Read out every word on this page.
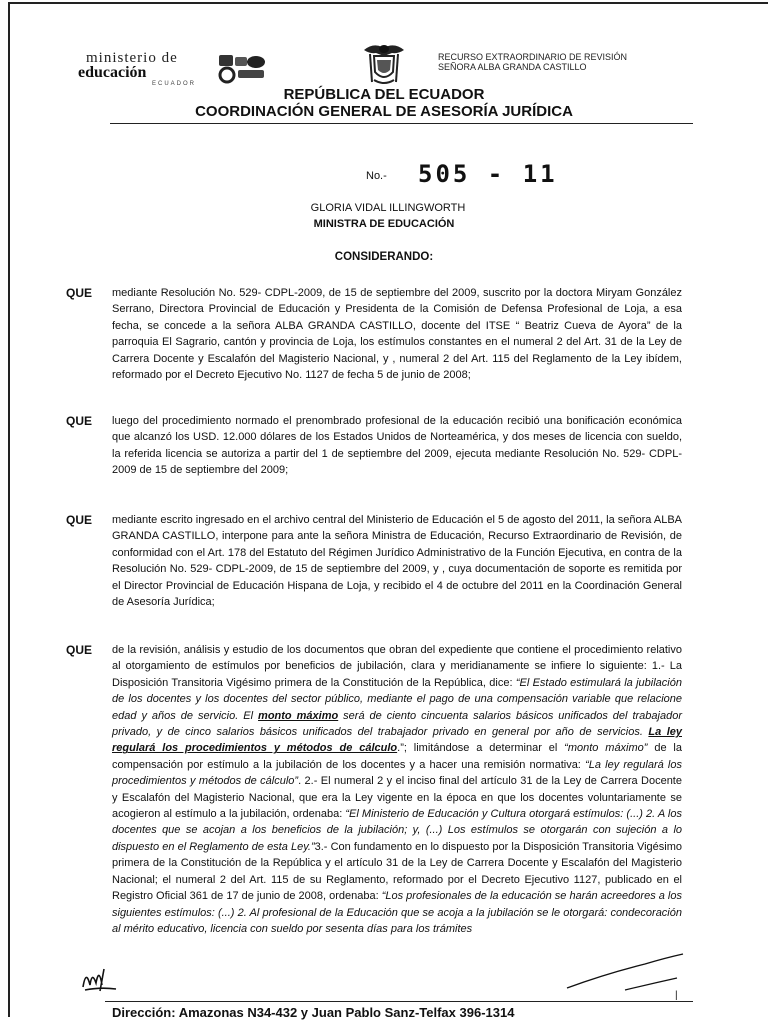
ministerio de
educación
ECUADOR
RECURSO EXTRAORDINARIO DE REVISIÓN
SEÑORA ALBA GRANDA CASTILLO
REPÚBLICA DEL ECUADOR
COORDINACIÓN GENERAL DE ASESORÍA JURÍDICA
No.- 505 - 11
GLORIA VIDAL ILLINGWORTH
MINISTRA DE EDUCACIÓN
CONSIDERANDO:
QUE mediante Resolución No. 529- CDPL-2009, de 15 de septiembre del 2009, suscrito por la doctora Miryam González Serrano, Directora Provincial de Educación y Presidenta de la Comisión de Defensa Profesional de Loja, a esa fecha, se concede a la señora ALBA GRANDA CASTILLO, docente del ITSE “ Beatriz Cueva de Ayora” de la parroquia El Sagrario, cantón y provincia de Loja, los estímulos constantes en el numeral 2 del Art. 31 de la Ley de Carrera Docente y Escalafón del Magisterio Nacional, y , numeral 2 del Art. 115 del Reglamento de la Ley ibídem, reformado por el Decreto Ejecutivo No. 1127 de fecha 5 de junio de 2008;
QUE luego del procedimiento normado el prenombrado profesional de la educación recibió una bonificación económica que alcanzó los USD. 12.000 dólares de los Estados Unidos de Norteamérica, y dos meses de licencia con sueldo, la referida licencia se autoriza a partir del 1 de septiembre del 2009, ejecuta mediante Resolución No. 529- CDPL-2009 de 15 de septiembre del 2009;
QUE mediante escrito ingresado en el archivo central del Ministerio de Educación el 5 de agosto del 2011, la señora ALBA GRANDA CASTILLO, interpone para ante la señora Ministra de Educación, Recurso Extraordinario de Revisión, de conformidad con el Art. 178 del Estatuto del Régimen Jurídico Administrativo de la Función Ejecutiva, en contra de la Resolución No. 529- CDPL-2009, de 15 de septiembre del 2009, y , cuya documentación de soporte es remitida por el Director Provincial de Educación Hispana de Loja, y recibido el 4 de octubre del 2011 en la Coordinación General de Asesoría Jurídica;
QUE de la revisión, análisis y estudio de los documentos que obran del expediente que contiene el procedimiento relativo al otorgamiento de estímulos por beneficios de jubilación, clara y meridianamente se infiere lo siguiente: 1.- La Disposición Transitoria Vigésimo primera de la Constitución de la República, dice: “El Estado estimulará la jubilación de los docentes y los docentes del sector público, mediante el pago de una compensación variable que relacione edad y años de servicio. El monto máximo será de ciento cincuenta salarios básicos unificados del trabajador privado, y de cinco salarios básicos unificados del trabajador privado en general por año de servicios. La ley regulará los procedimientos y métodos de cálculo.”; limitándose a determinar el “monto máximo” de la compensación por estímulo a la jubilación de los docentes y a hacer una remisión normativa: “La ley regulará los procedimientos y métodos de cálculo”. 2.- El numeral 2 y el inciso final del artículo 31 de la Ley de Carrera Docente y Escalafón del Magisterio Nacional, que era la Ley vigente en la época en que los docentes voluntariamente se acogieron al estímulo a la jubilación, ordenaba: “El Ministerio de Educación y Cultura otorgará estímulos: (...) 2. A los docentes que se acojan a los beneficios de la jubilación; y, (...) Los estímulos se otorgarán con sujeción a lo dispuesto en el Reglamento de esta Ley.”3.- Con fundamento en lo dispuesto por la Disposición Transitoria Vigésimo primera de la Constitución de la República y el artículo 31 de la Ley de Carrera Docente y Escalafón del Magisterio Nacional; el numeral 2 del Art. 115 de su Reglamento, reformado por el Decreto Ejecutivo 1127, publicado en el Registro Oficial 361 de 17 de junio de 2008, ordenaba: “Los profesionales de la educación se harán acreedores a los siguientes estímulos: (...) 2. Al profesional de la Educación que se acoja a la jubilación se le otorgará: condecoración al mérito educativo, licencia con sueldo por sesenta días para los trámites
|
Dirección: Amazonas N34-432 y Juan Pablo Sanz-Telfax 396-1314
